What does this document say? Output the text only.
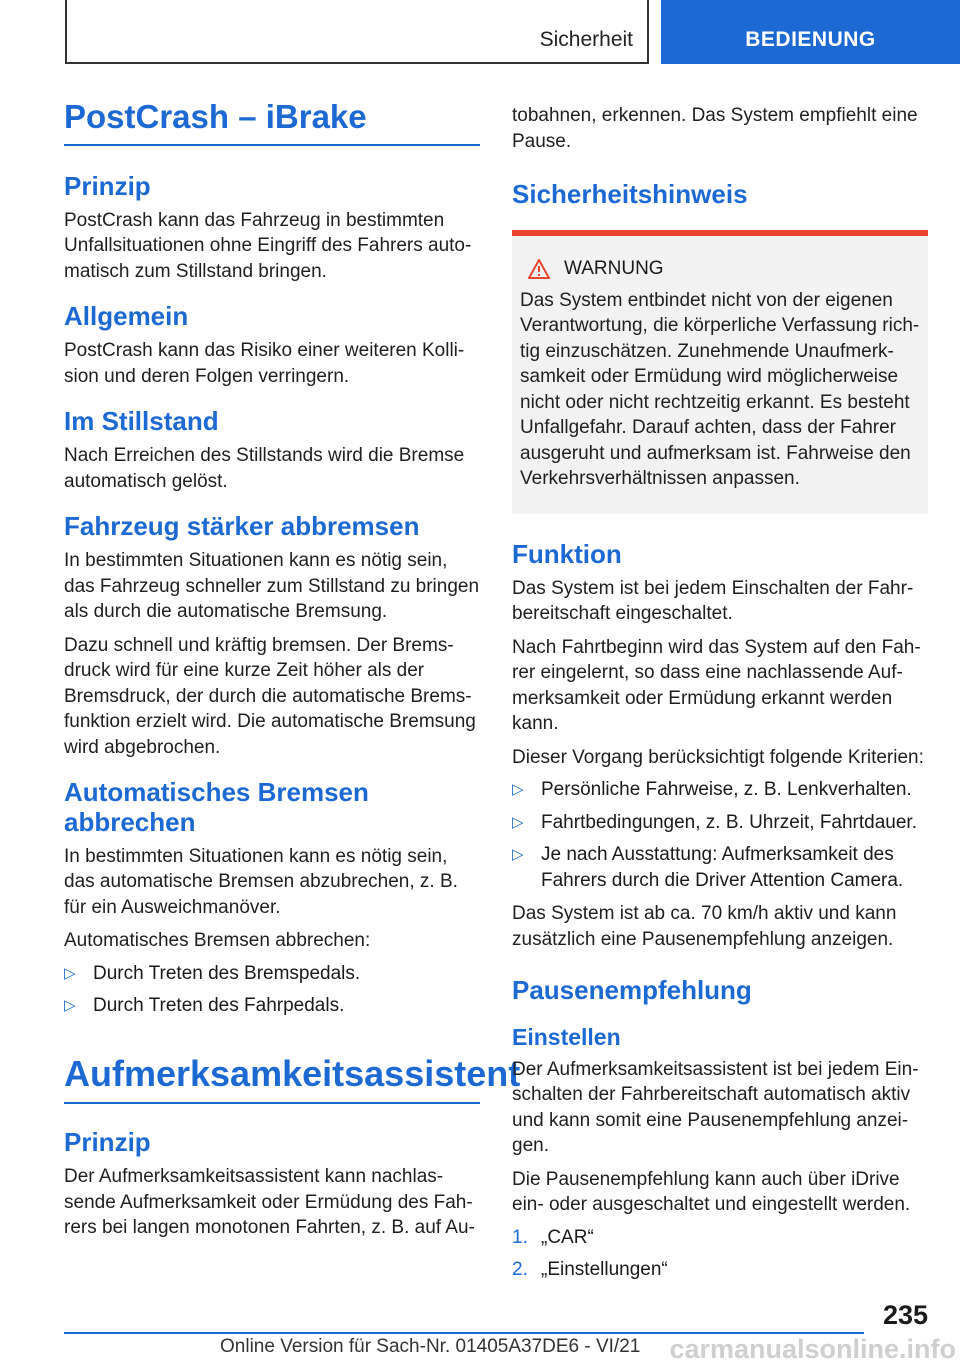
Sicherheit	BEDIENUNG
PostCrash – iBrake
Prinzip

PostCrash kann das Fahrzeug in bestimmten Unfallsituationen ohne Eingriff des Fahrers automatisch zum Stillstand bringen.

Allgemein

PostCrash kann das Risiko einer weiteren Kollision und deren Folgen verringern.

Im Stillstand

Nach Erreichen des Stillstands wird die Bremse automatisch gelöst.

Fahrzeug stärker abbremsen

In bestimmten Situationen kann es nötig sein, das Fahrzeug schneller zum Stillstand zu bringen als durch die automatische Bremsung.

Dazu schnell und kräftig bremsen. Der Bremsdruck wird für eine kurze Zeit höher als der Bremsdruck, der durch die automatische Bremsfunktion erzielt wird. Die automatische Bremsung wird abgebrochen.

Automatisches Bremsen abbrechen

In bestimmten Situationen kann es nötig sein, das automatische Bremsen abzubrechen, z. B. für ein Ausweichmanöver.

Automatisches Bremsen abbrechen:

▷ Durch Treten des Bremspedals.
▷ Durch Treten des Fahrpedals.
Aufmerksamkeitsassistent
Prinzip

Der Aufmerksamkeitsassistent kann nachlassende Aufmerksamkeit oder Ermüdung des Fahrers bei langen monotonen Fahrten, z. B. auf Au-

tobahnen, erkennen. Das System empfiehlt eine Pause.

Sicherheitshinweis
WARNUNG

Das System entbindet nicht von der eigenen Verantwortung, die körperliche Verfassung richtig einzuschätzen. Zunehmende Unaufmerksamkeit oder Ermüdung wird möglicherweise nicht oder nicht rechtzeitig erkannt. Es besteht Unfallgefahr. Darauf achten, dass der Fahrer ausgeruht und aufmerksam ist. Fahrweise den Verkehrsverhältnissen anpassen.

Funktion

Das System ist bei jedem Einschalten der Fahrbereitschaft eingeschaltet.

Nach Fahrtbeginn wird das System auf den Fahrer eingelernt, so dass eine nachlassende Aufmerksamkeit oder Ermüdung erkannt werden kann.

Dieser Vorgang berücksichtigt folgende Kriterien:

▷ Persönliche Fahrweise, z. B. Lenkverhalten.
▷ Fahrtbedingungen, z. B. Uhrzeit, Fahrtdauer.
▷ Je nach Ausstattung: Aufmerksamkeit des Fahrers durch die Driver Attention Camera.

Das System ist ab ca. 70 km/h aktiv und kann zusätzlich eine Pausenempfehlung anzeigen.

Pausenempfehlung
Einstellen

Der Aufmerksamkeitsassistent ist bei jedem Einschalten der Fahrbereitschaft automatisch aktiv und kann somit eine Pausenempfehlung anzeigen.

Die Pausenempfehlung kann auch über iDrive ein- oder ausgeschaltet und eingestellt werden.

1. „CAR“
2. „Einstellungen“
235
Online Version für Sach-Nr. 01405A37DE6 - VI/21 carmanualsonline.info
